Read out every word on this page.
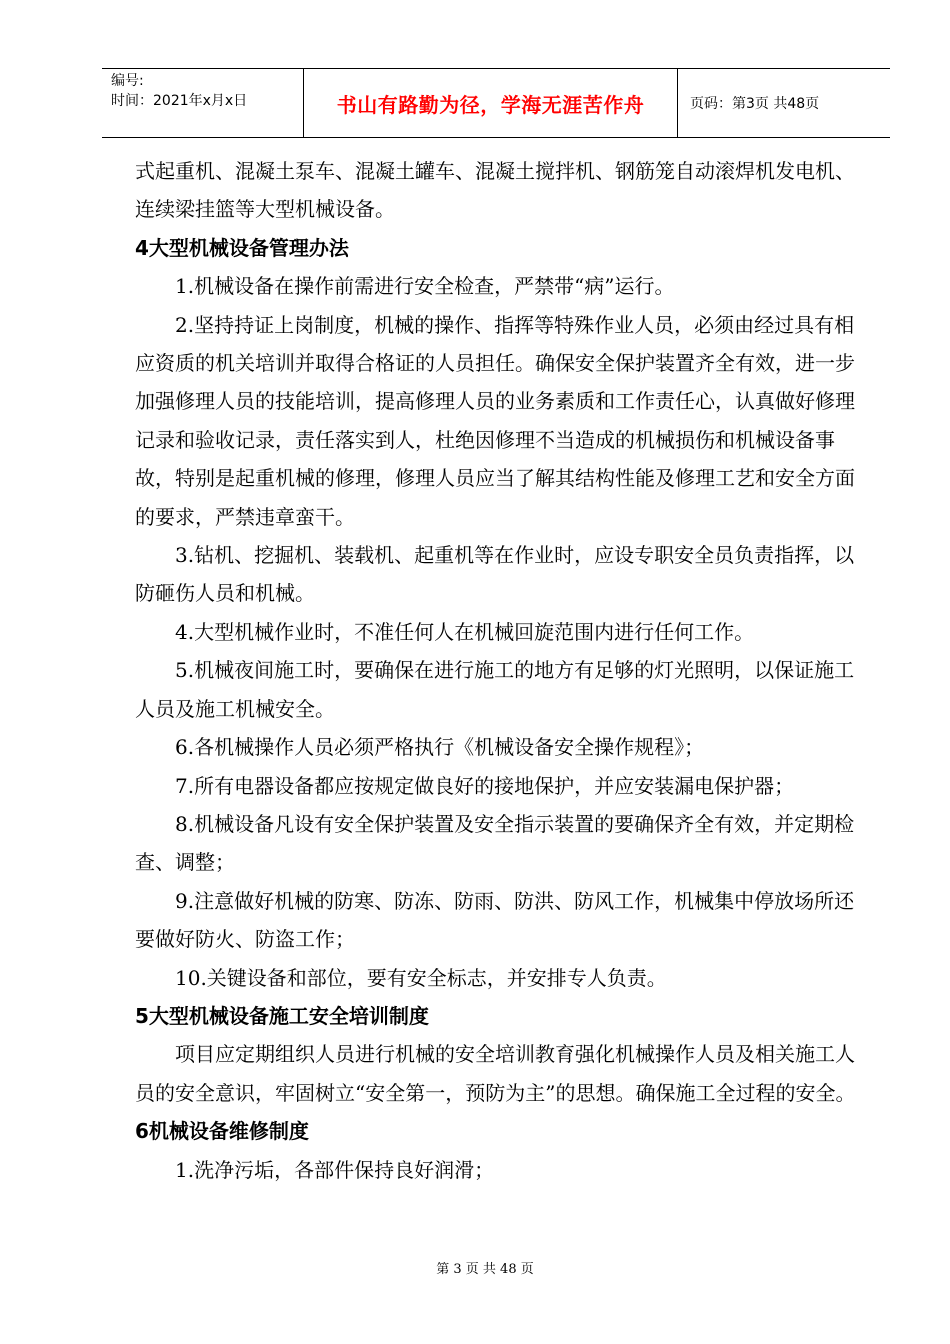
编号:
时间：2021年x月x日	书山有路勤为径，学海无涯苦作舟	页码：第3页 共48页

式起重机、混凝土泵车、混凝土罐车、混凝土搅拌机、钢筋笼自动滚焊机发电机、连续梁挂篮等大型机械设备。

4大型机械设备管理办法

1.机械设备在操作前需进行安全检查，严禁带“病”运行。

2.坚持持证上岗制度，机械的操作、指挥等特殊作业人员，必须由经过具有相应资质的机关培训并取得合格证的人员担任。确保安全保护装置齐全有效，进一步加强修理人员的技能培训，提高修理人员的业务素质和工作责任心，认真做好修理记录和验收记录，责任落实到人，杜绝因修理不当造成的机械损伤和机械设备事故，特别是起重机械的修理，修理人员应当了解其结构性能及修理工艺和安全方面的要求，严禁违章蛮干。

3.钻机、挖掘机、装载机、起重机等在作业时，应设专职安全员负责指挥，以防砸伤人员和机械。

4.大型机械作业时，不准任何人在机械回旋范围内进行任何工作。

5.机械夜间施工时，要确保在进行施工的地方有足够的灯光照明，以保证施工人员及施工机械安全。

6.各机械操作人员必须严格执行《机械设备安全操作规程》；

7.所有电器设备都应按规定做良好的接地保护，并应安装漏电保护器；

8.机械设备凡设有安全保护装置及安全指示装置的要确保齐全有效，并定期检查、调整；

9.注意做好机械的防寒、防冻、防雨、防洪、防风工作，机械集中停放场所还要做好防火、防盗工作；

10.关键设备和部位，要有安全标志，并安排专人负责。

5大型机械设备施工安全培训制度

项目应定期组织人员进行机械的安全培训教育强化机械操作人员及相关施工人员的安全意识，牢固树立“安全第一，预防为主”的思想。确保施工全过程的安全。

6机械设备维修制度

1.洗净污垢，各部件保持良好润滑；

第 3 页 共 48 页
